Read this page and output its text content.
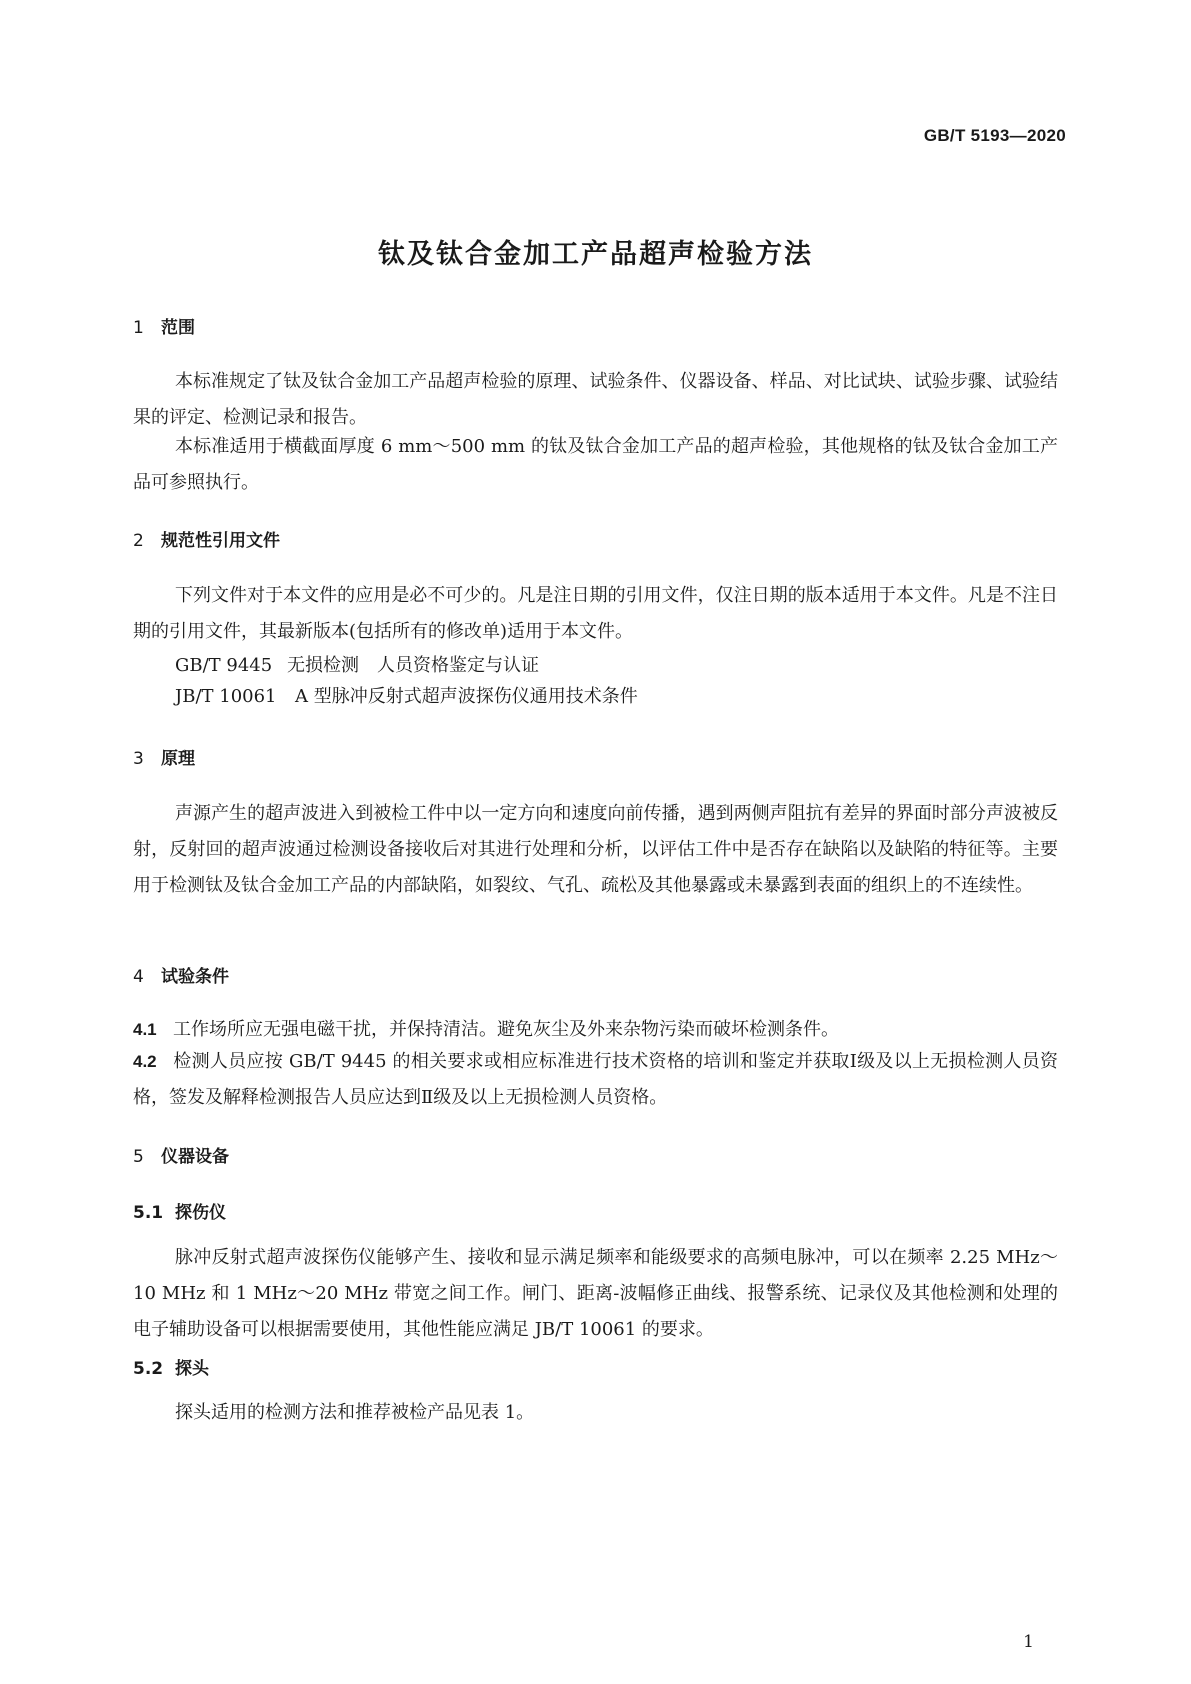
GB/T 5193—2020
钛及钛合金加工产品超声检验方法
1 范围
本标准规定了钛及钛合金加工产品超声检验的原理、试验条件、仪器设备、样品、对比试块、试验步骤、试验结果的评定、检测记录和报告。
本标准适用于横截面厚度 6 mm～500 mm 的钛及钛合金加工产品的超声检验，其他规格的钛及钛合金加工产品可参照执行。
2 规范性引用文件
下列文件对于本文件的应用是必不可少的。凡是注日期的引用文件，仅注日期的版本适用于本文件。凡是不注日期的引用文件，其最新版本(包括所有的修改单)适用于本文件。
GB/T 9445 无损检测　人员资格鉴定与认证
JB/T 10061 A 型脉冲反射式超声波探伤仪通用技术条件
3 原理
声源产生的超声波进入到被检工件中以一定方向和速度向前传播，遇到两侧声阻抗有差异的界面时部分声波被反射，反射回的超声波通过检测设备接收后对其进行处理和分析，以评估工件中是否存在缺陷以及缺陷的特征等。主要用于检测钛及钛合金加工产品的内部缺陷，如裂纹、气孔、疏松及其他暴露或未暴露到表面的组织上的不连续性。
4 试验条件
4.1 工作场所应无强电磁干扰，并保持清洁。避免灰尘及外来杂物污染而破坏检测条件。
4.2 检测人员应按 GB/T 9445 的相关要求或相应标准进行技术资格的培训和鉴定并获取Ⅰ级及以上无损检测人员资格，签发及解释检测报告人员应达到Ⅱ级及以上无损检测人员资格。
5 仪器设备
5.1 探伤仪
脉冲反射式超声波探伤仪能够产生、接收和显示满足频率和能级要求的高频电脉冲，可以在频率 2.25 MHz～10 MHz 和 1 MHz～20 MHz 带宽之间工作。闸门、距离-波幅修正曲线、报警系统、记录仪及其他检测和处理的电子辅助设备可以根据需要使用，其他性能应满足 JB/T 10061 的要求。
5.2 探头
探头适用的检测方法和推荐被检产品见表 1。
1
